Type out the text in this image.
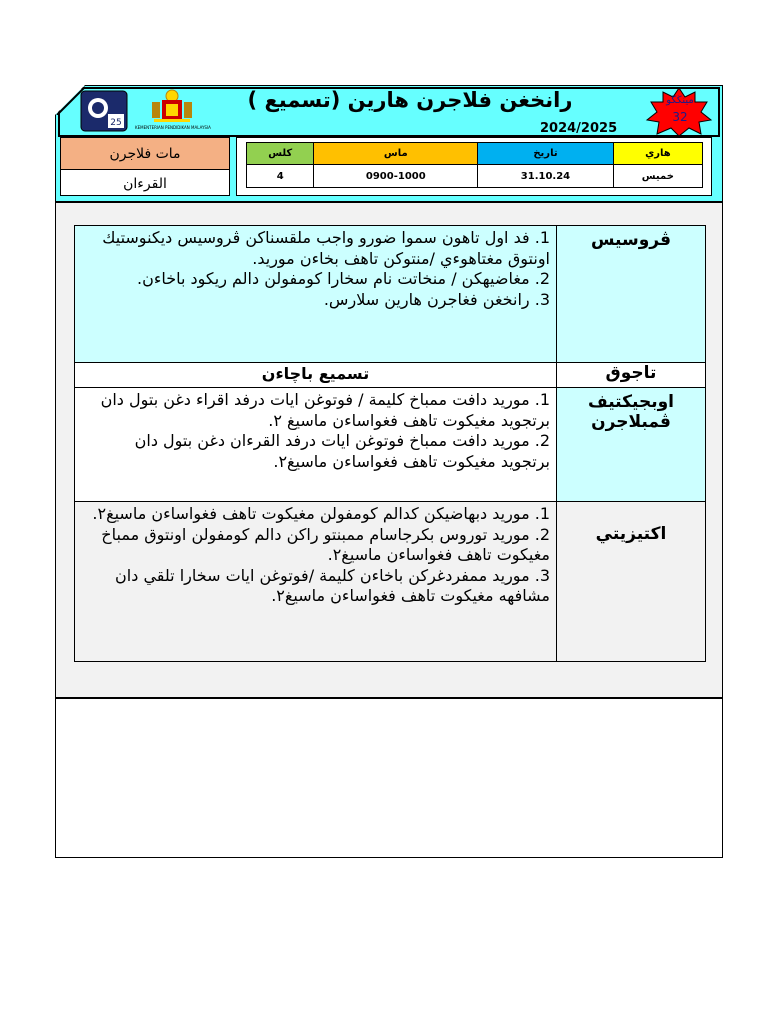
25	KEMENTERIAN PENDIDIKAN MALAYSIA
رانخغن فلاجرن هارين (تسميع )
2024/2025
مينڬڬو
32
مات فلاجرن
القرءان
كلس	ماس	تاريخ	هاري
4	0900-1000	31.10.24	خميس

1. فد اول تاهون سموا ضورو واجب ملقسناكن ڤروسيس ديكنوستيك اونتوق مغتاهوءي /منتوكن تاهف بخاءن موريد.

2. مغاضيهكن / منخاتت نام سخارا كومفولن دالم ريكود باخاءن.

3. رانخغن فغاجرن هارين سلارس.	ڤروسيس
تسميع باچاءن	تاجوق

1. موريد دافت ممباخ كليمة / فوتوغن ايات درفد اقراء دغن بتول دان برتجويد مغيكوت تاهف فغواساءن ماسيغ ٢.

2. موريد دافت ممباخ فوتوغن ايات درفد القرءان دغن بتول دان برتجويد مغيكوت تاهف فغواساءن ماسيغ٢.	اوبجيكتيف ڤمبلاجرن

1. موريد دبهاضيكن كدالم كومفولن مغيكوت تاهف فغواساءن ماسيغ٢.

2. موريد توروس بكرجاسام ممبنتو راكن دالم كومفولن اونتوق ممباخ مغيكوت تاهف فغواساءن ماسيغ٢.

3. موريد ممفردغركن باخاءن كليمة /فوتوغن ايات سخارا تلقي دان مشافهه مغيكوت تاهف فغواساءن ماسيغ٢.	اكتيزيتي
